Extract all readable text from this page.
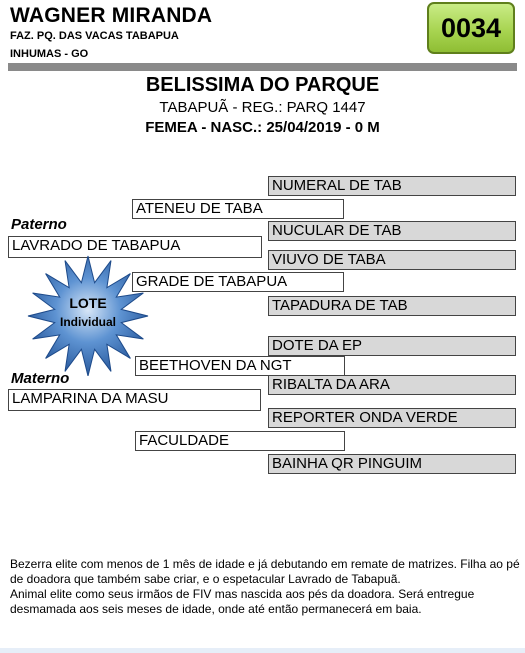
WAGNER MIRANDA
FAZ. PQ. DAS VACAS TABAPUA
INHUMAS - GO
0034
BELISSIMA DO PARQUE
TABAPUÃ - REG.: PARQ 1447
FEMEA - NASC.: 25/04/2019 - 0 M
NUMERAL DE TAB
ATENEU DE TABA
Paterno	NUCULAR DE TAB
LAVRADO DE TABAPUA
VIUVO DE TABA
GRADE DE TABAPUA
TAPADURA DE TAB
LOTE
Individual
DOTE DA EP
BEETHOVEN DA NGT
Materno	RIBALTA DA ARA
LAMPARINA DA MASU
REPORTER ONDA VERDE
FACULDADE
BAINHA QR PINGUIM

Bezerra elite com menos de 1 mês de idade e já debutando em remate de matrizes. Filha ao pé de doadora que também sabe criar, e o espetacular Lavrado de Tabapuã.

Animal elite como seus irmãos de FIV mas nascida aos pés da doadora. Será entregue desmamada aos seis meses de idade, onde até então permanecerá em baia.
